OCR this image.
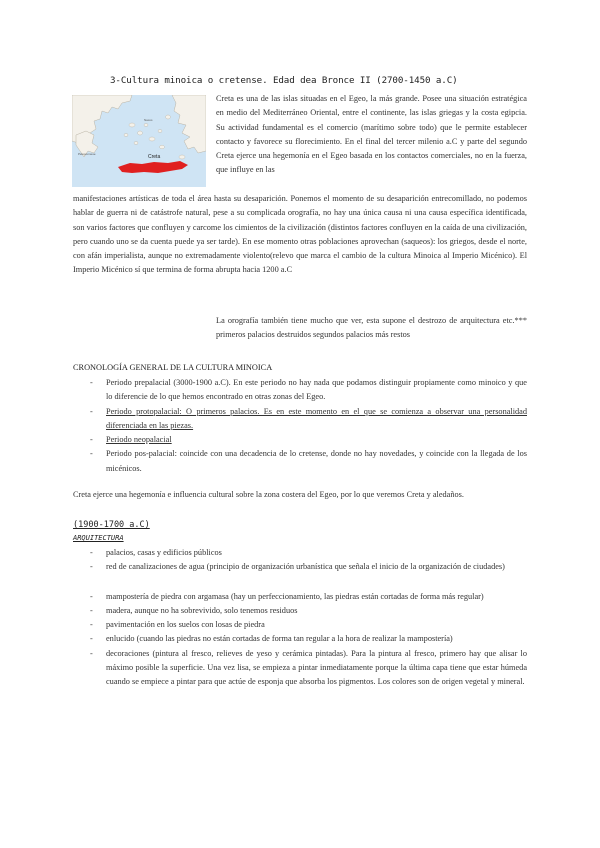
3-Cultura minoica o cretense. Edad dea Bronce II (2700-1450 a.C)
Creta
Peloponnese
Naxos

Creta es una de las islas situadas en el Egeo, la más grande. Posee una situación estratégica en medio del Mediterráneo Oriental, entre el continente, las islas griegas y la costa egipcia. Su actividad fundamental es el comercio (marítimo sobre todo) que le permite establecer contacto y favorece su florecimiento. En el final del tercer milenio a.C y parte del segundo Creta ejerce una hegemonía en el Egeo basada en los contactos comerciales, no en la fuerza, que influye en las

manifestaciones artísticas de toda el área hasta su desaparición. Ponemos el momento de su desaparición entrecomillado, no podemos hablar de guerra ni de catástrofe natural, pese a su complicada orografía, no hay una única causa ni una causa específica identificada, son varios factores que confluyen y carcome los cimientos de la civilización (distintos factores confluyen en la caída de una civilización, pero cuando uno se da cuenta puede ya ser tarde). En ese momento otras poblaciones aprovechan (saqueos): los griegos, desde el norte, con afán imperialista, aunque no extremadamente violento(relevo que marca el cambio de la cultura Minoica al Imperio Micénico). El Imperio Micénico sí que termina de forma abrupta hacia 1200 a.C

La orografía también tiene mucho que ver, esta supone el destrozo de arquitectura etc.*** primeros palacios destruidos segundos palacios más restos

CRONOLOGÍA GENERAL DE LA CULTURA MINOICA
- Periodo prepalacial (3000-1900 a.C). En este periodo no hay nada que podamos distinguir propiamente como minoico y que lo diferencie de lo que hemos encontrado en otras zonas del Egeo.

- Periodo protopalacial: O primeros palacios. Es en este momento en el que se comienza a observar una personalidad diferenciada en las piezas.

- Periodo neopalacial

- Periodo pos-palacial: coincide con una decadencia de lo cretense, donde no hay novedades, y coincide con la llegada de los micénicos.

Creta ejerce una hegemonía e influencia cultural sobre la zona costera del Egeo, por lo que veremos Creta y aledaños.

(1900-1700 a.C)
ARQUITECTURA
- palacios, casas y edificios públicos

- red de canalizaciones de agua (principio de organización urbanística que señala el inicio de la organización de ciudades)

- mampostería de piedra con argamasa (hay un perfeccionamiento, las piedras están cortadas de forma más regular)

- madera, aunque no ha sobrevivido, solo tenemos residuos

- pavimentación en los suelos con losas de piedra

- enlucido (cuando las piedras no están cortadas de forma tan regular a la hora de realizar la mampostería)

- decoraciones (pintura al fresco, relieves de yeso y cerámica pintadas). Para la pintura al fresco, primero hay que alisar lo máximo posible la superficie. Una vez lisa, se empieza a pintar inmediatamente porque la última capa tiene que estar húmeda cuando se empiece a pintar para que actúe de esponja que absorba los pigmentos. Los colores son de origen vegetal y mineral.
